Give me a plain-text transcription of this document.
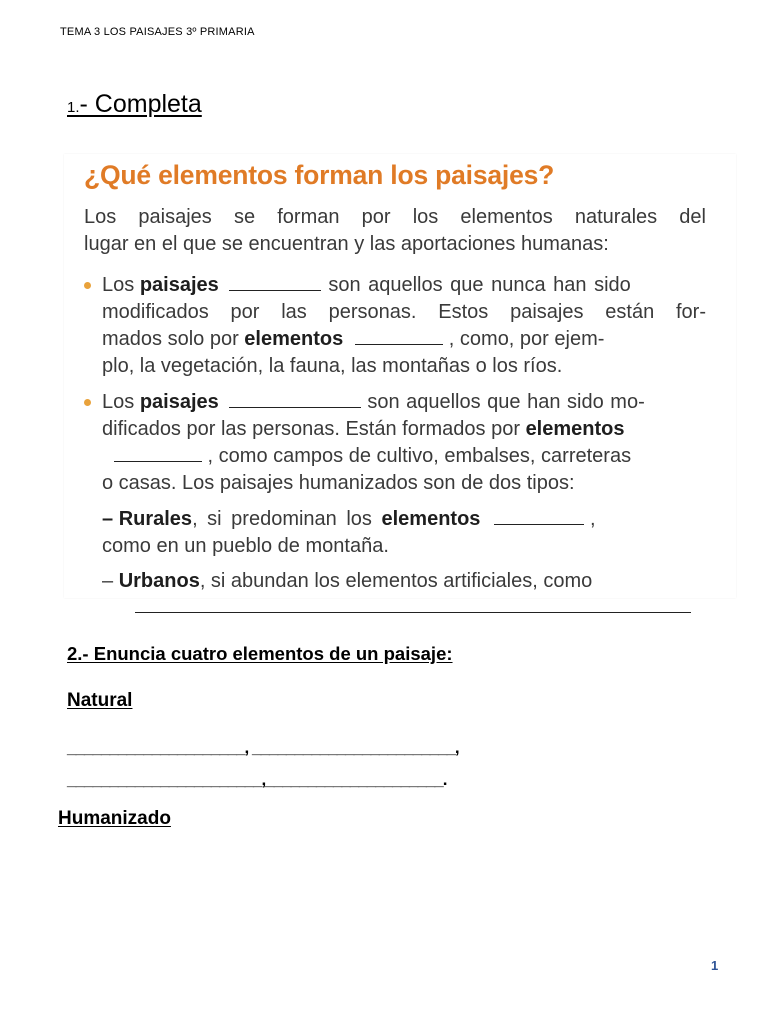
TEMA 3 LOS PAISAJES 3º PRIMARIA
1.- Completa
¿Qué elementos forman los paisajes?
Los paisajes se forman por los elementos naturales del
lugar en el que se encuentran y las aportaciones humanas:
Los paisajes	son aquellos que nunca han sido
modificados por las personas. Estos paisajes están for-
mados solo por elementos	, como, por ejem-
plo, la vegetación, la fauna, las montañas o los ríos.
Los paisajes	son aquellos que han sido mo-
dificados por las personas. Están formados por elementos
, como campos de cultivo, embalses, carreteras
o casas. Los paisajes humanizados son de dos tipos:
– Rurales, si predominan los elementos	,
como en un pueblo de montaña.
– Urbanos, si abundan los elementos artificiales, como
2.- Enuncia cuatro elementos de un paisaje:
Natural
_____________________, ________________________,
_______________________,_____________________.
Humanizado
1
